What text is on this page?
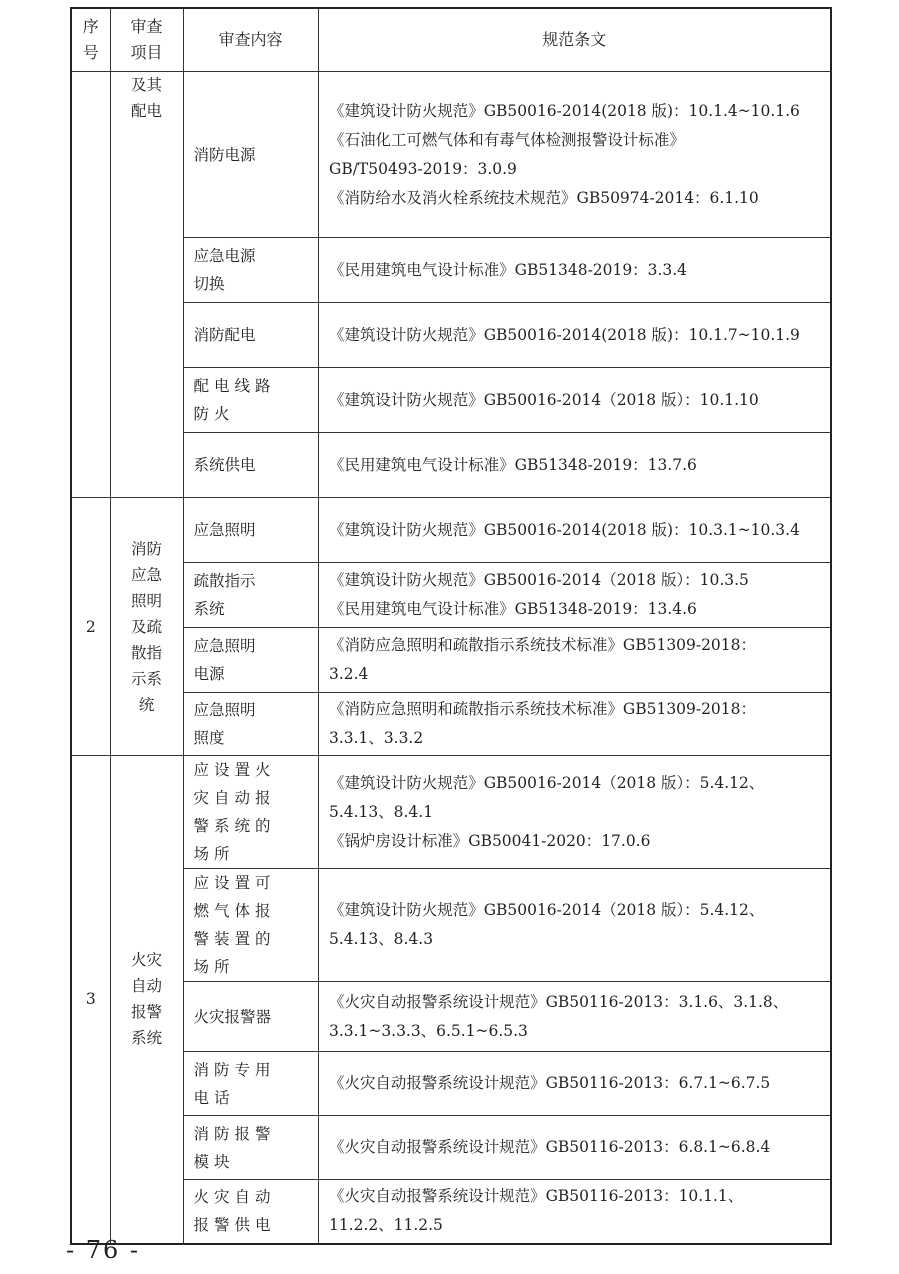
序号	审查项目	审查内容	规范条文

	及其配电	消防电源	《建筑设计防火规范》GB50016-2014(2018 版)：10.1.4~10.1.6
《石油化工可燃气体和有毒气体检测报警设计标准》
GB/T50493-2019：3.0.9
《消防给水及消火栓系统技术规范》GB50974-2014：6.1.10

		应急电源切换	《民用建筑电气设计标准》GB51348-2019：3.3.4

		消防配电	《建筑设计防火规范》GB50016-2014(2018 版)：10.1.7~10.1.9

		配电线路防火	《建筑设计防火规范》GB50016-2014（2018 版）：10.1.10

		系统供电	《民用建筑电气设计标准》GB51348-2019：13.7.6

2	消防应急照明及疏散指示系统	应急照明	《建筑设计防火规范》GB50016-2014(2018 版)：10.3.1~10.3.4

		疏散指示系统	《建筑设计防火规范》GB50016-2014（2018 版）：10.3.5
《民用建筑电气设计标准》GB51348-2019：13.4.6

		应急照明电源	《消防应急照明和疏散指示系统技术标准》GB51309-2018：
3.2.4

		应急照明照度	《消防应急照明和疏散指示系统技术标准》GB51309-2018：
3.3.1、3.3.2

3	火灾自动报警系统	应设置火灾自动报警系统的场所	《建筑设计防火规范》GB50016-2014（2018 版）：5.4.12、
5.4.13、8.4.1
《锅炉房设计标准》GB50041-2020：17.0.6

		应设置可燃气体报警装置的场所	《建筑设计防火规范》GB50016-2014（2018 版）：5.4.12、
5.4.13、8.4.3

		火灾报警器	《火灾自动报警系统设计规范》GB50116-2013：3.1.6、3.1.8、
3.3.1~3.3.3、6.5.1~6.5.3

		消防专用电话	《火灾自动报警系统设计规范》GB50116-2013：6.7.1~6.7.5

		消防报警模块	《火灾自动报警系统设计规范》GB50116-2013：6.8.1~6.8.4

		火灾自动报警供电	《火灾自动报警系统设计规范》GB50116-2013：10.1.1、
11.2.2、11.2.5
- 76 -
